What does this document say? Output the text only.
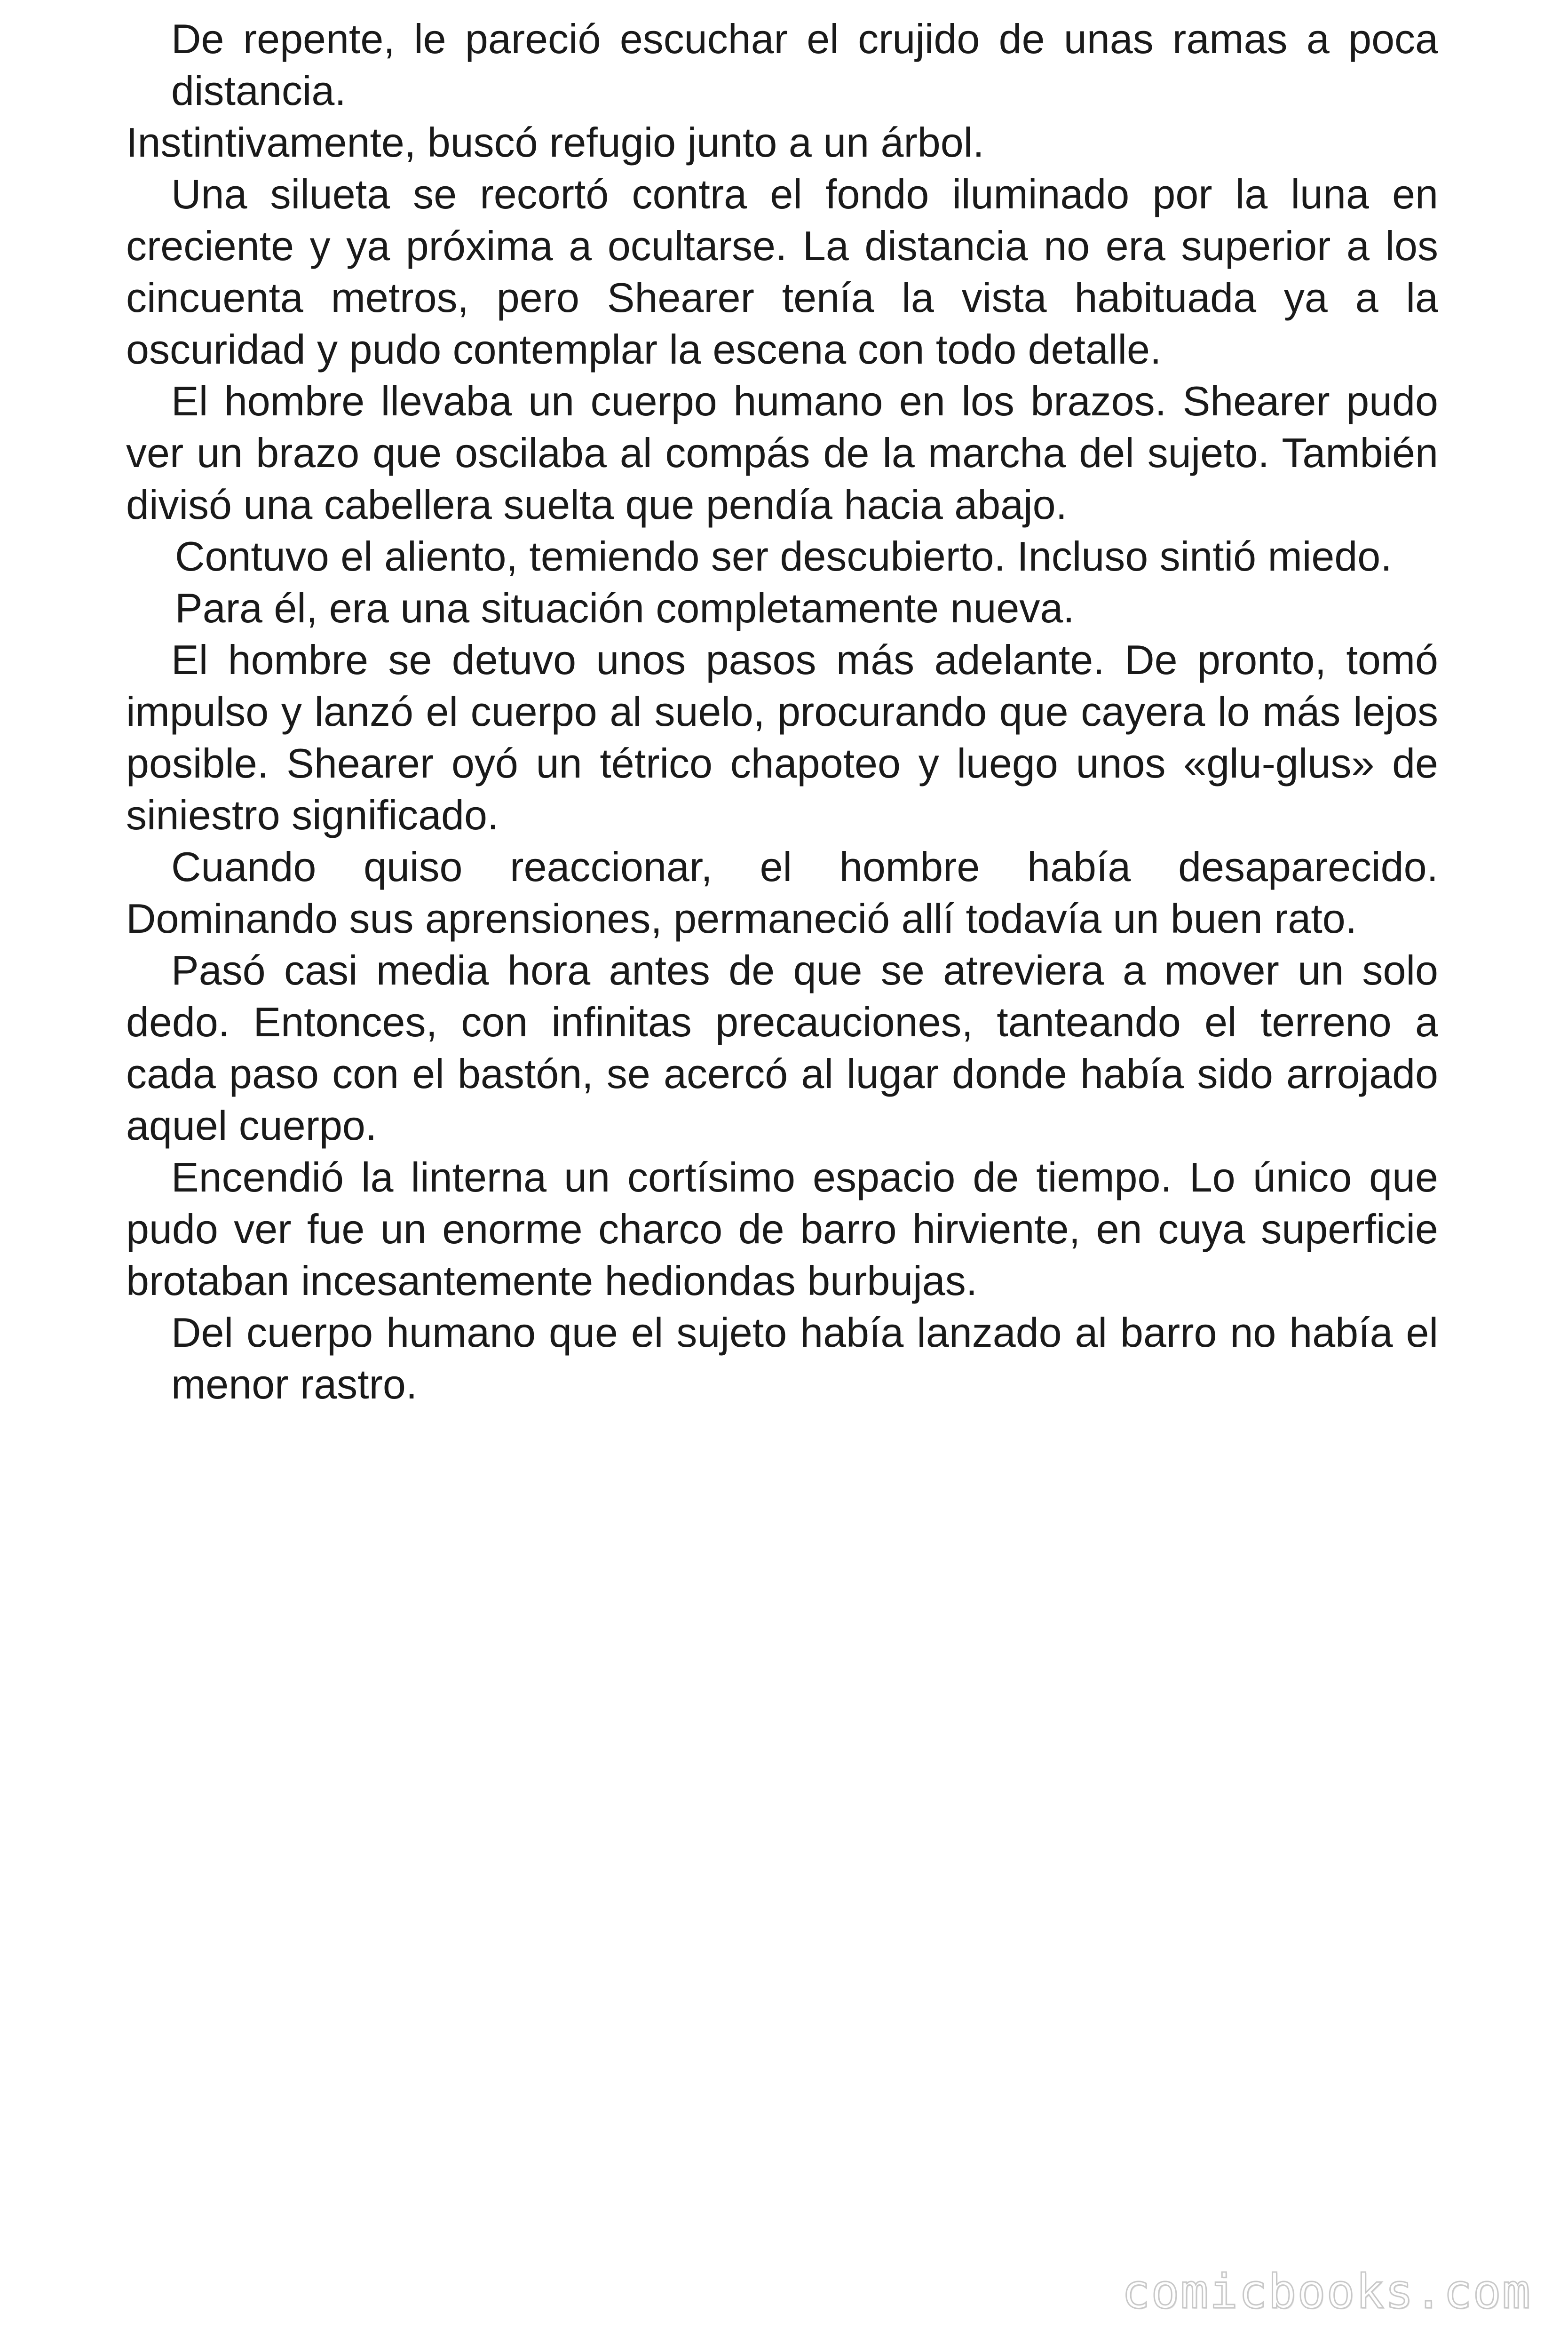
De repente, le pareció escuchar el crujido de unas ramas a poca distancia.

Instintivamente, buscó refugio junto a un árbol.

Una silueta se recortó contra el fondo iluminado por la luna en creciente y ya próxima a ocultarse. La distancia no era superior a los cincuenta metros, pero Shearer tenía la vista habituada ya a la oscuridad y pudo contemplar la escena con todo detalle.

El hombre llevaba un cuerpo humano en los brazos. Shearer pudo ver un brazo que oscilaba al compás de la marcha del sujeto. También divisó una cabellera suelta que pendía hacia abajo.

Contuvo el aliento, temiendo ser descubierto. Incluso sintió miedo.

Para él, era una situación completamente nueva.

El hombre se detuvo unos pasos más adelante. De pronto, tomó impulso y lanzó el cuerpo al suelo, procurando que cayera lo más lejos posible. Shearer oyó un tétrico chapoteo y luego unos «glu-glus» de siniestro significado.

Cuando quiso reaccionar, el hombre había desaparecido. Dominando sus aprensiones, permaneció allí todavía un buen rato.

Pasó casi media hora antes de que se atreviera a mover un solo dedo. Entonces, con infinitas precauciones, tanteando el terreno a cada paso con el bastón, se acercó al lugar donde había sido arrojado aquel cuerpo.

Encendió la linterna un cortísimo espacio de tiempo. Lo único que pudo ver fue un enorme charco de barro hirviente, en cuya superficie brotaban incesantemente hediondas burbujas.

Del cuerpo humano que el sujeto había lanzado al barro no había el menor rastro.

comicbooks.com
